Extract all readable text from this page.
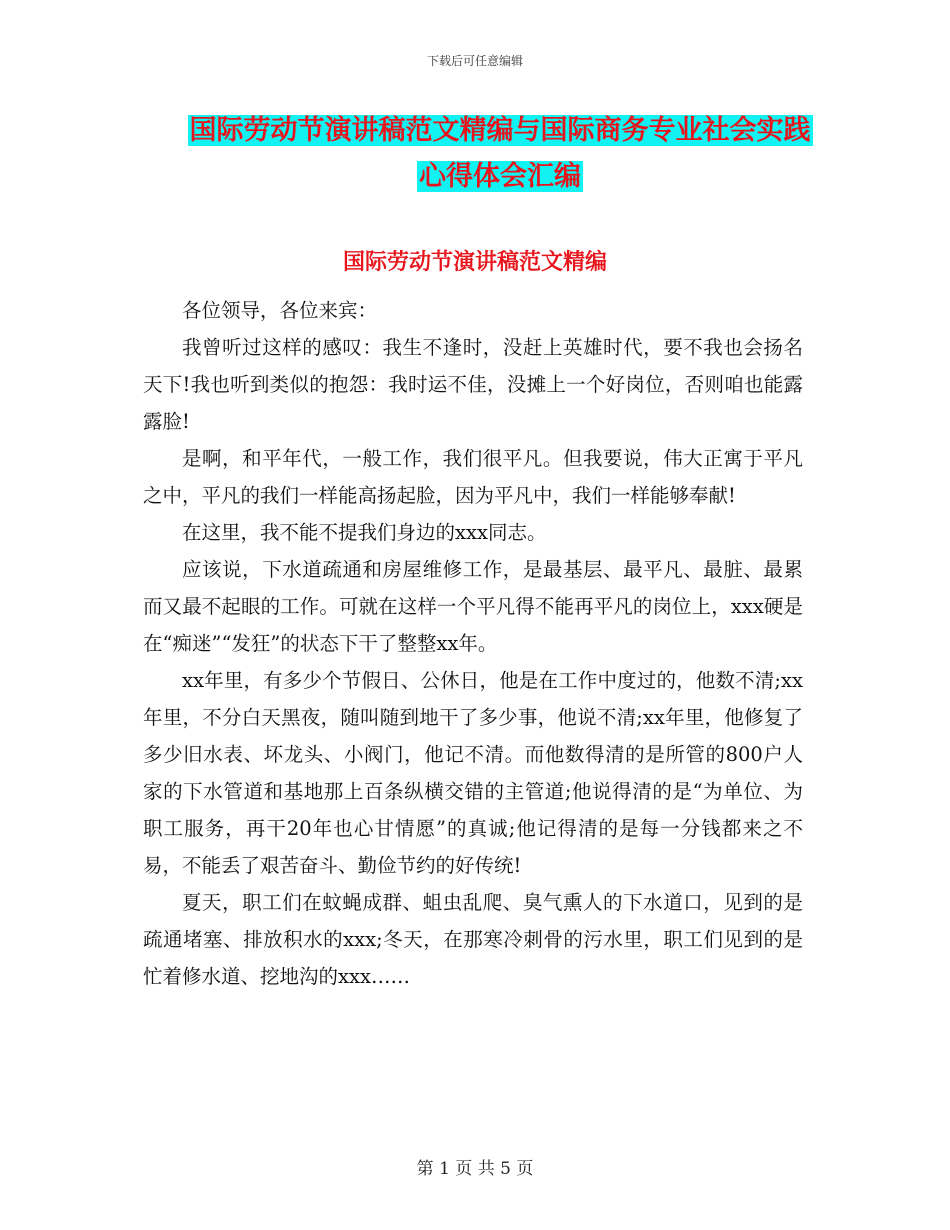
下载后可任意编辑
国际劳动节演讲稿范文精编与国际商务专业社会实践
心得体会汇编
国际劳动节演讲稿范文精编

各位领导，各位来宾：

我曾听过这样的感叹：我生不逢时，没赶上英雄时代，要不我也会扬名天下!我也听到类似的抱怨：我时运不佳，没摊上一个好岗位，否则咱也能露露脸!

是啊，和平年代，一般工作，我们很平凡。但我要说，伟大正寓于平凡之中，平凡的我们一样能高扬起脸，因为平凡中，我们一样能够奉献!

在这里，我不能不提我们身边的xxx同志。

应该说，下水道疏通和房屋维修工作，是最基层、最平凡、最脏、最累而又最不起眼的工作。可就在这样一个平凡得不能再平凡的岗位上，xxx硬是在“痴迷”“发狂”的状态下干了整整xx年。

xx年里，有多少个节假日、公休日，他是在工作中度过的，他数不清;xx年里，不分白天黑夜，随叫随到地干了多少事，他说不清;xx年里，他修复了多少旧水表、坏龙头、小阀门，他记不清。而他数得清的是所管的800户人家的下水管道和基地那上百条纵横交错的主管道;他说得清的是“为单位、为职工服务，再干20年也心甘情愿”的真诚;他记得清的是每一分钱都来之不易，不能丢了艰苦奋斗、勤俭节约的好传统!

夏天，职工们在蚊蝇成群、蛆虫乱爬、臭气熏人的下水道口，见到的是疏通堵塞、排放积水的xxx;冬天，在那寒冷刺骨的污水里，职工们见到的是忙着修水道、挖地沟的xxx……

第 1 页 共 5 页
